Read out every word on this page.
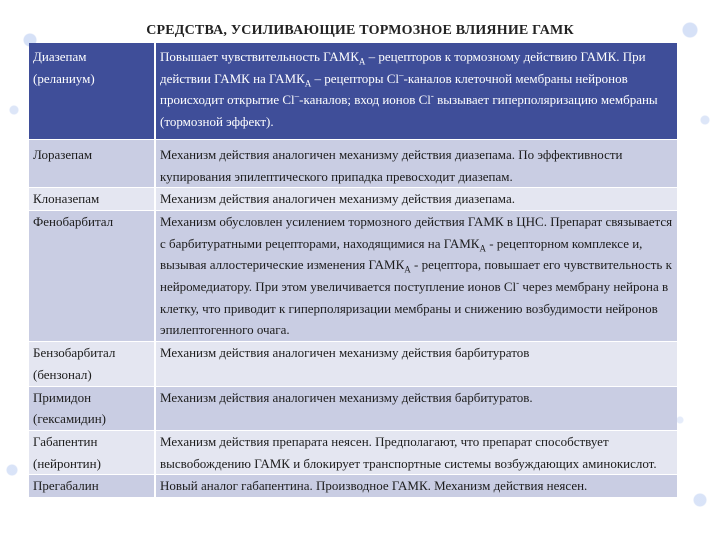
СРЕДСТВА, УСИЛИВАЮЩИЕ ТОРМОЗНОЕ ВЛИЯНИЕ ГАМК
Диазепам
(реланиум)	Повышает чувствительность $ГАМК_A$ – рецепторов к тормозному действию ГАМК. При действии ГАМК на $ГАМК_A$ – рецепторы Cl–-каналов клеточной мембраны нейронов происходит открытие Cl–-каналов; вход ионов Cl- вызывает гиперполяризацию мембраны (тормозной эффект).

Лоразепам	Механизм действия аналогичен механизму действия диазепама. По эффективности купирования эпилептического припадка превосходит диазепам.

Клоназепам	Механизм действия аналогичен механизму действия диазепама.

Фенобарбитал	Механизм обусловлен усилением тормозного действия ГАМК в ЦНС. Препарат связывается с барбитуратными рецепторами, находящимися на $ГАМК_A$ - рецепторном комплексе и, вызывая аллостерические изменения $ГАМК_A$ - рецептора, повышает его чувствительность к нейромедиатору. При этом увеличивается поступление ионов Cl- через мембрану нейрона в клетку, что приводит к гиперполяризации мембраны и снижению возбудимости нейронов эпилептогенного очага.

Бензобарбитал
(бензонал)	Механизм действия аналогичен механизму действия барбитуратов

Примидон
(гексамидин)	Механизм действия аналогичен механизму действия барбитуратов.

Габапентин
(нейронтин)	Механизм действия препарата неясен. Предполагают, что препарат способствует высвобождению ГАМК и блокирует транспортные системы возбуждающих аминокислот.

Прегабалин	Новый аналог габапентина. Производное ГАМК. Механизм действия неясен.
